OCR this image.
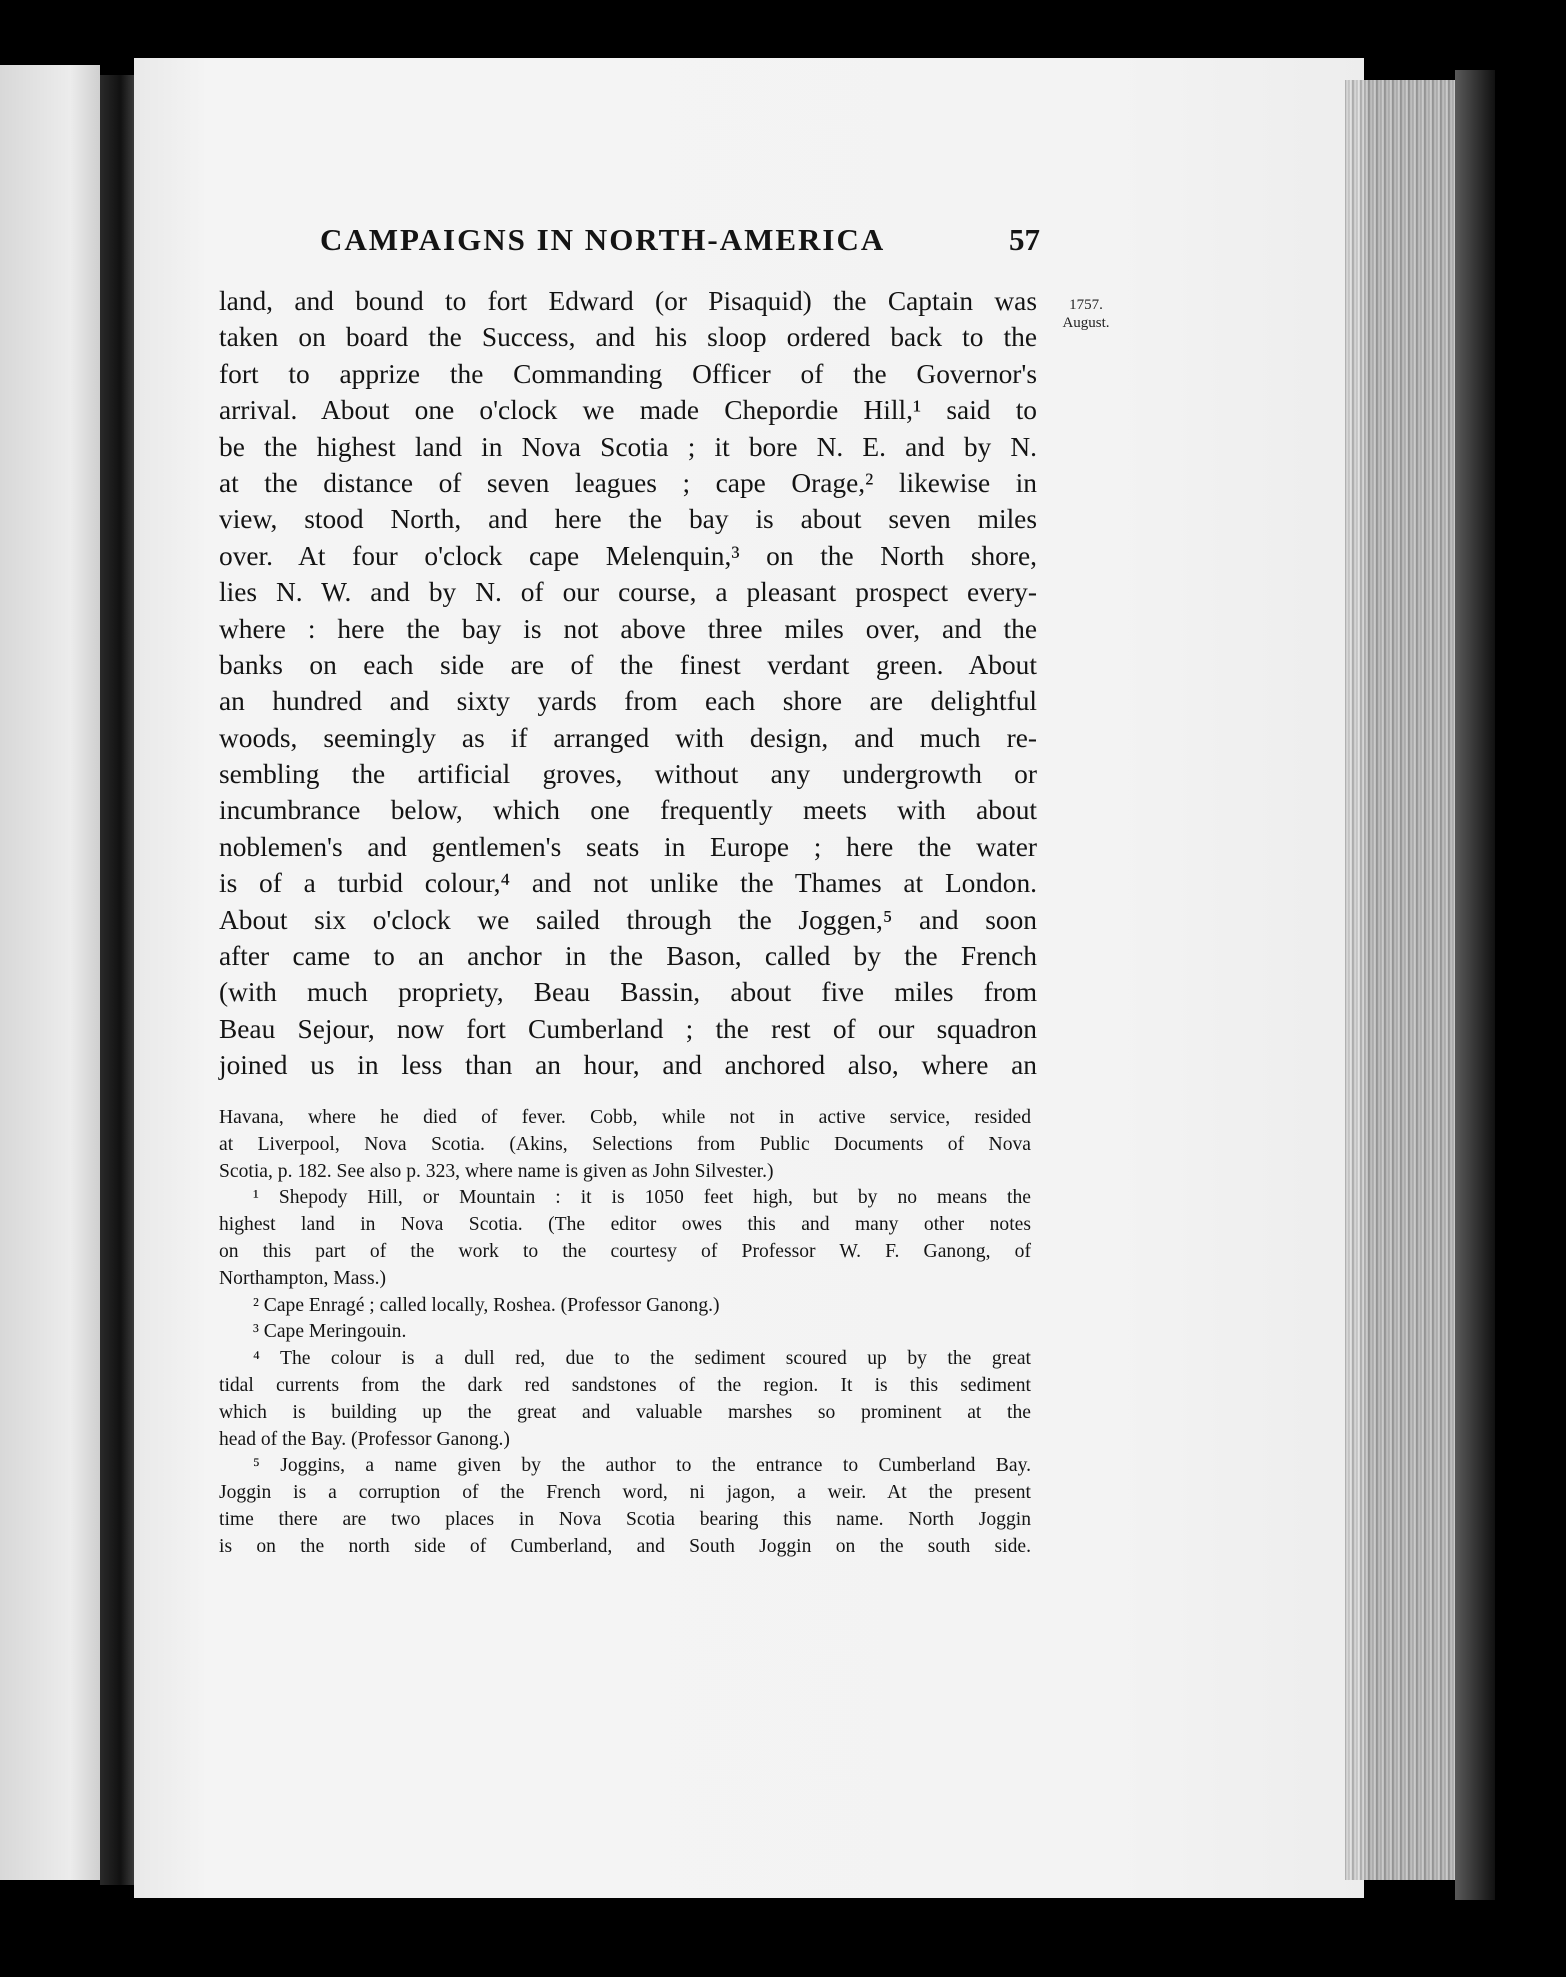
CAMPAIGNS IN NORTH-AMERICA	57
1757.
August.
land, and bound to fort Edward (or Pisaquid) the Captain was
taken on board the Success, and his sloop ordered back to the
fort to apprize the Commanding Officer of the Governor's
arrival. About one o'clock we made Chepordie Hill,¹ said to
be the highest land in Nova Scotia ; it bore N. E. and by N.
at the distance of seven leagues ; cape Orage,² likewise in
view, stood North, and here the bay is about seven miles
over. At four o'clock cape Melenquin,³ on the North shore,
lies N. W. and by N. of our course, a pleasant prospect every-
where : here the bay is not above three miles over, and the
banks on each side are of the finest verdant green. About
an hundred and sixty yards from each shore are delightful
woods, seemingly as if arranged with design, and much re-
sembling the artificial groves, without any undergrowth or
incumbrance below, which one frequently meets with about
noblemen's and gentlemen's seats in Europe ; here the water
is of a turbid colour,⁴ and not unlike the Thames at London.
About six o'clock we sailed through the Joggen,⁵ and soon
after came to an anchor in the Bason, called by the French
(with much propriety, Beau Bassin, about five miles from
Beau Sejour, now fort Cumberland ; the rest of our squadron
joined us in less than an hour, and anchored also, where an
Havana, where he died of fever. Cobb, while not in active service, resided
at Liverpool, Nova Scotia. (Akins, Selections from Public Documents of Nova
Scotia, p. 182. See also p. 323, where name is given as John Silvester.)
¹ Shepody Hill, or Mountain : it is 1050 feet high, but by no means the
highest land in Nova Scotia. (The editor owes this and many other notes
on this part of the work to the courtesy of Professor W. F. Ganong, of
Northampton, Mass.)
² Cape Enragé ; called locally, Roshea. (Professor Ganong.)
³ Cape Meringouin.
⁴ The colour is a dull red, due to the sediment scoured up by the great
tidal currents from the dark red sandstones of the region. It is this sediment
which is building up the great and valuable marshes so prominent at the
head of the Bay. (Professor Ganong.)
⁵ Joggins, a name given by the author to the entrance to Cumberland Bay.
Joggin is a corruption of the French word, ni jagon, a weir. At the present
time there are two places in Nova Scotia bearing this name. North Joggin
is on the north side of Cumberland, and South Joggin on the south side.
